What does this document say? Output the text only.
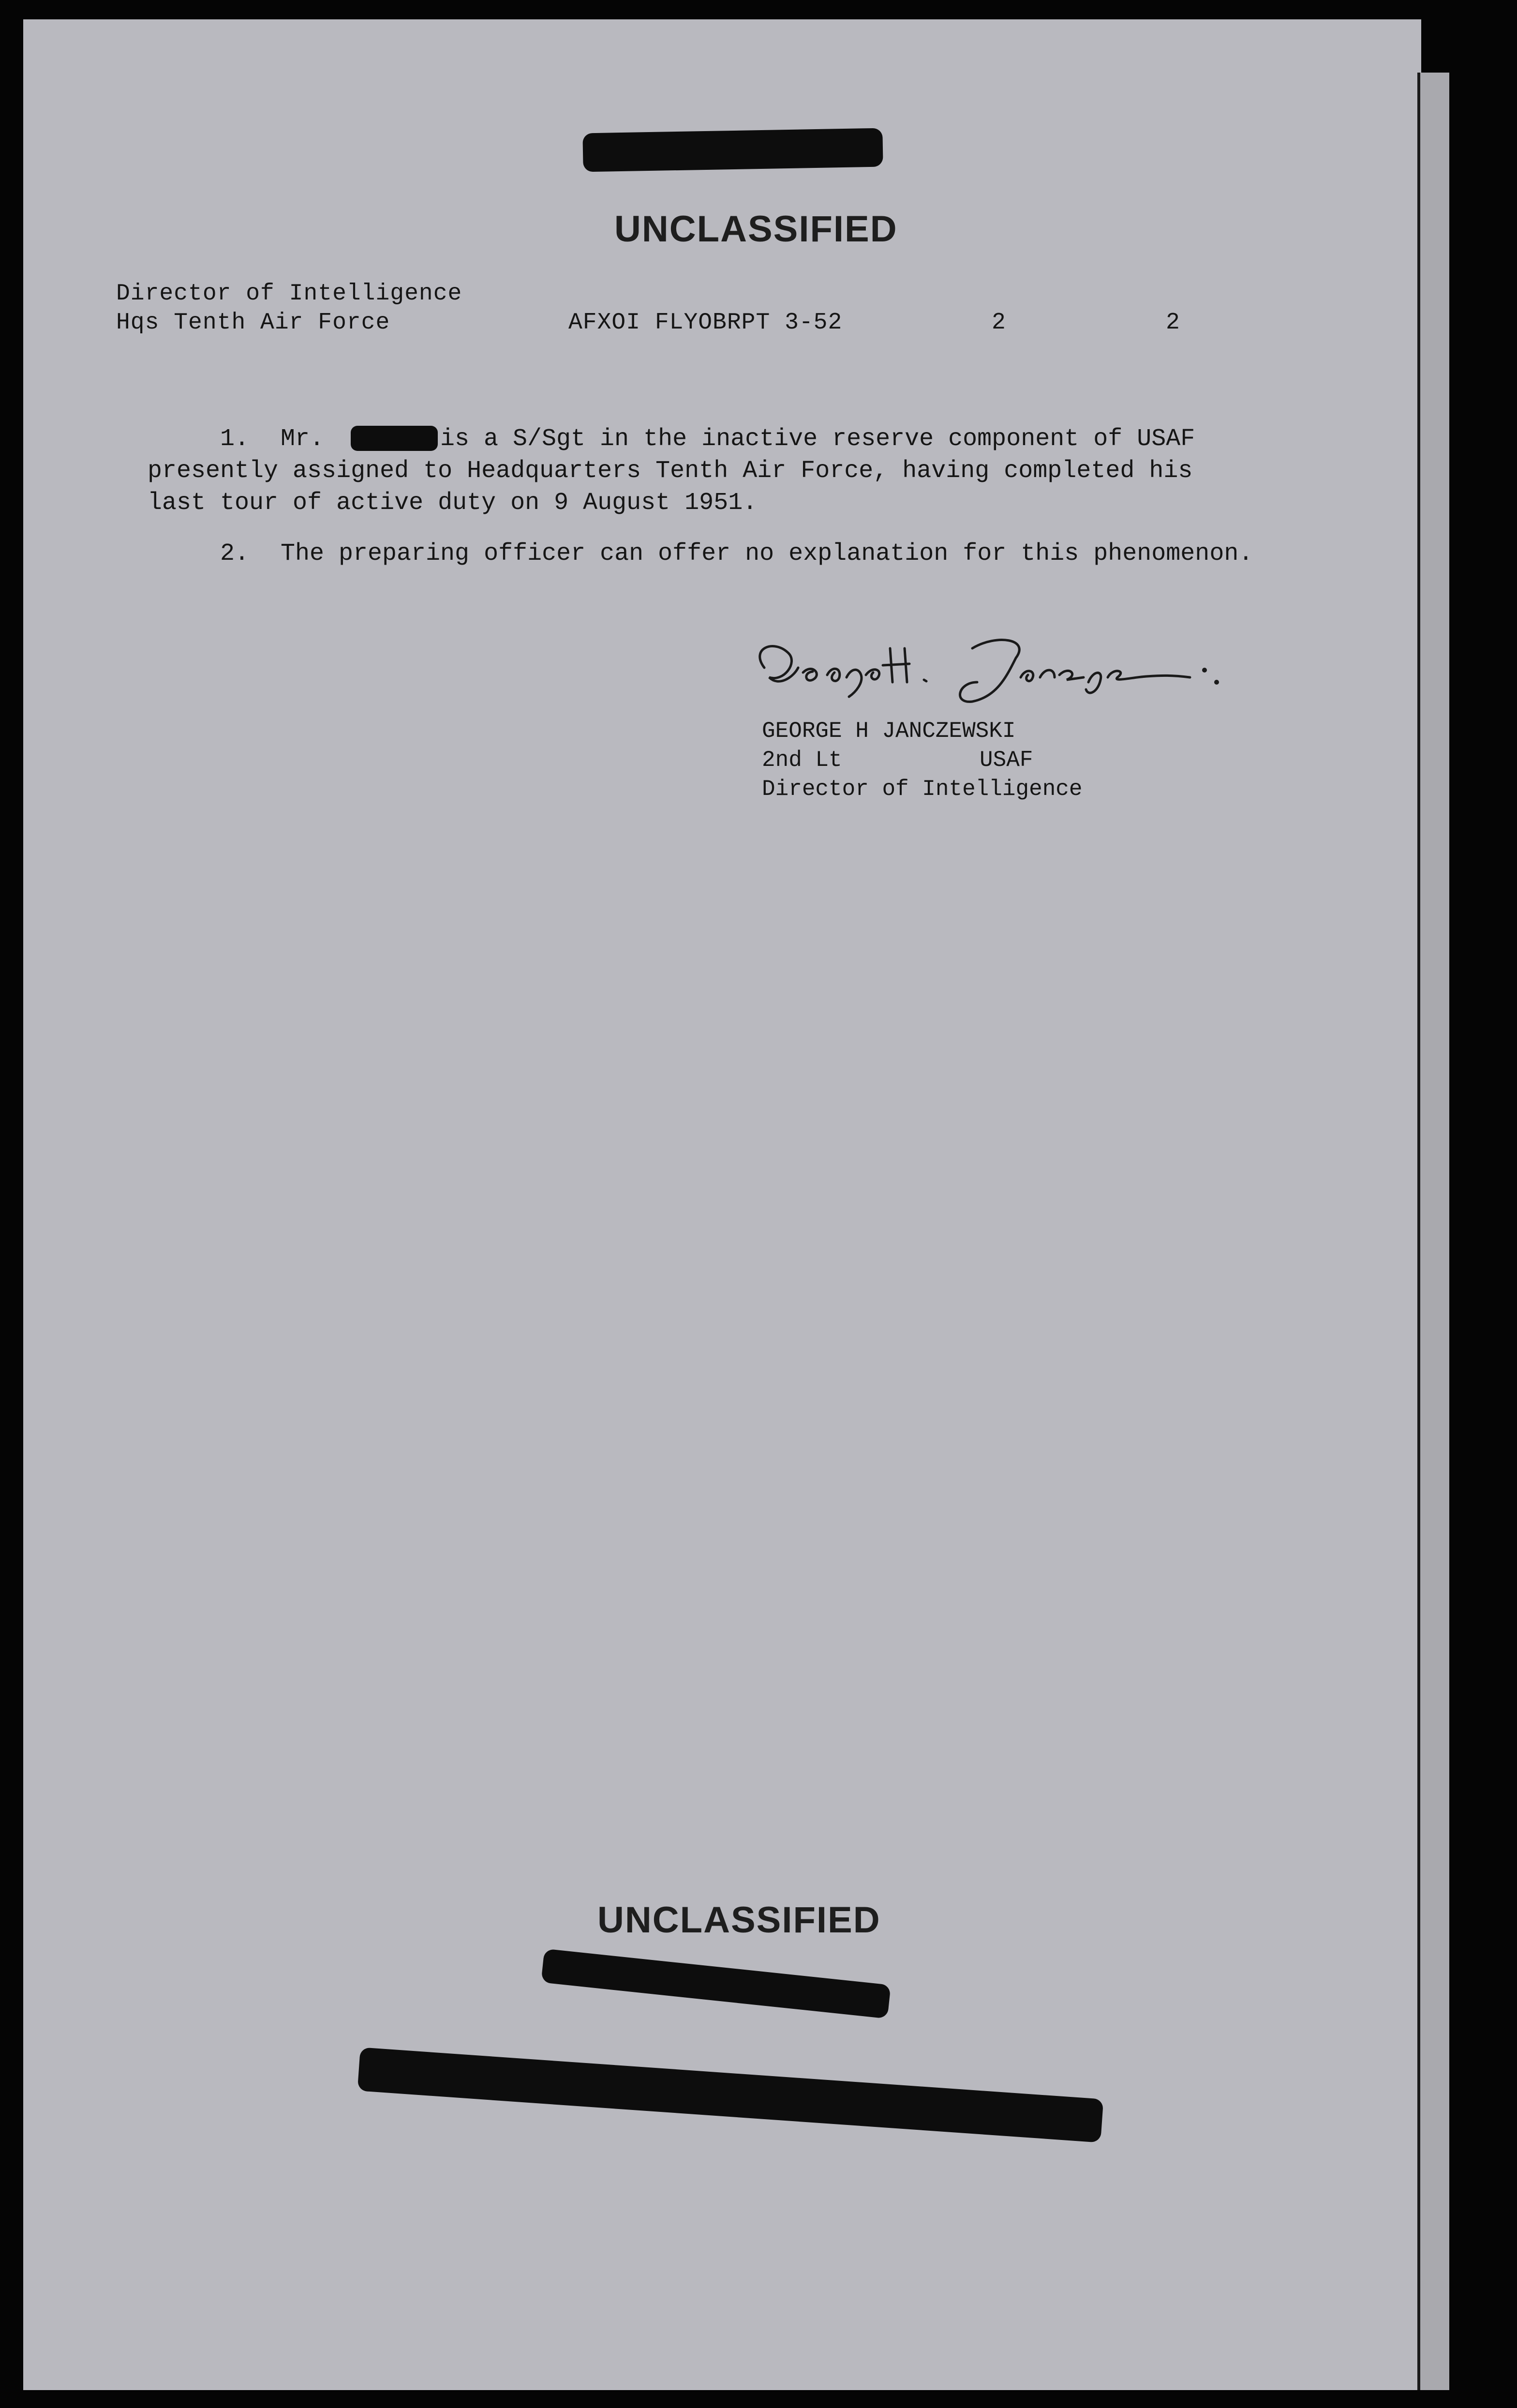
UNCLASSIFIED
Director of Intelligence
Hqs Tenth Air Force	AFXOI FLYOBRPT 3-52	2	2
1. Mr.	is a S/Sgt in the inactive reserve component of USAF
presently assigned to Headquarters Tenth Air Force, having completed his
last tour of active duty on 9 August 1951.
2. The preparing officer can offer no explanation for this phenomenon.
GEORGE H JANCZEWSKI
2nd Lt	USAF
Director of Intelligence
UNCLASSIFIED
